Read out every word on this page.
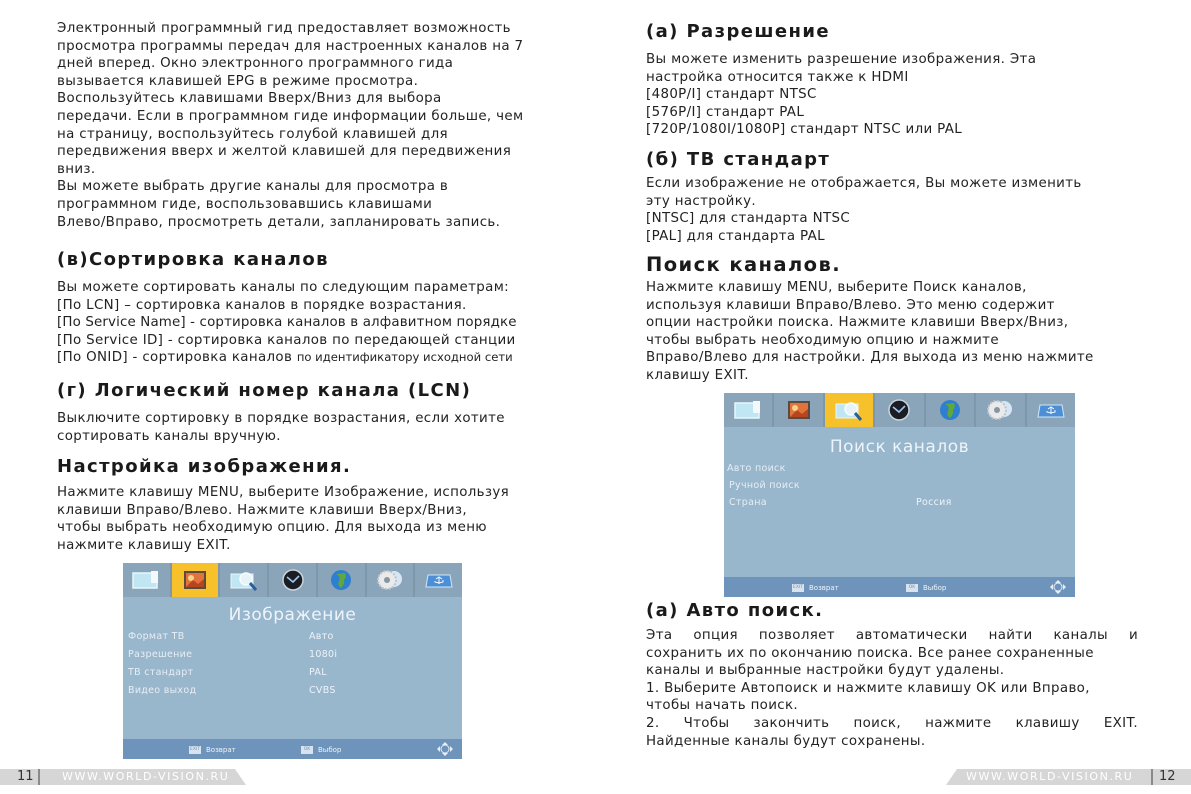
Электронный программный гид предоставляет возможность
просмотра программы передач для настроенных каналов на 7
дней вперед. Окно электронного программного гида
вызывается клавишей EPG в режиме просмотра.
Воспользуйтесь клавишами Вверх/Вниз для выбора
передачи. Если в программном гиде информации больше, чем
на страницу, воспользуйтесь голубой клавишей для
передвижения вверх и желтой клавишей для передвижения
вниз.
Вы можете выбрать другие каналы для просмотра в
программном гиде, воспользовавшись клавишами
Влево/Вправо, просмотреть детали, запланировать запись.
(в)Сортировка каналов
Вы можете сортировать каналы по следующим параметрам:
[По LCN] – сортировка каналов в порядке возрастания.
[По Service Name] - сортировка каналов в алфавитном порядке
[По Service ID] - сортировка каналов по передающей станции
[По ONID] - сортировка каналов по идентификатору исходной сети
(г) Логический номер канала (LCN)
Выключите сортировку в порядке возрастания, если хотите
сортировать каналы вручную.
Настройка изображения.
Нажмите клавишу MENU, выберите Изображение, используя
клавиши Вправо/Влево. Нажмите клавиши Вверх/Вниз,
чтобы выбрать необходимую опцию. Для выхода из меню
нажмите клавишу EXIT.
Изображение
Формат ТВ	Авто
Разрешение	1080i
ТВ стандарт	PAL
Видео выход	CVBS
EXIT Возврат	OK	Выбор
11	WWW.WORLD-VISION.RU
(а) Разрешение
Вы можете изменить разрешение изображения. Эта
настройка относится также к HDMI
[480P/I] стандарт NTSC
[576P/I] стандарт PAL
[720P/1080I/1080P] стандарт NTSC или PAL
(б) ТВ стандарт
Если изображение не отображается, Вы можете изменить
эту настройку.
[NTSC] для стандарта NTSC
[PAL] для стандарта PAL
Поиск каналов.
Нажмите клавишу MENU, выберите Поиск каналов,
используя клавиши Вправо/Влево. Это меню содержит
опции настройки поиска. Нажмите клавиши Вверх/Вниз,
чтобы выбрать необходимую опцию и нажмите
Вправо/Влево для настройки. Для выхода из меню нажмите
клавишу EXIT.
Поиск каналов
Авто поиск
Ручной поиск
Страна	Россия
EXIT Возврат	OK	Выбор
(а) Авто поиск.
Эта опция позволяет автоматически найти каналы и
сохранить их по окончанию поиска. Все ранее сохраненные
каналы и выбранные настройки будут удалены.
1. Выберите Автопоиск и нажмите клавишу OK или Вправо,
чтобы начать поиск.
2. Чтобы закончить поиск, нажмите клавишу EXIT.
Найденные каналы будут сохранены.
WWW.WORLD-VISION.RU 12
